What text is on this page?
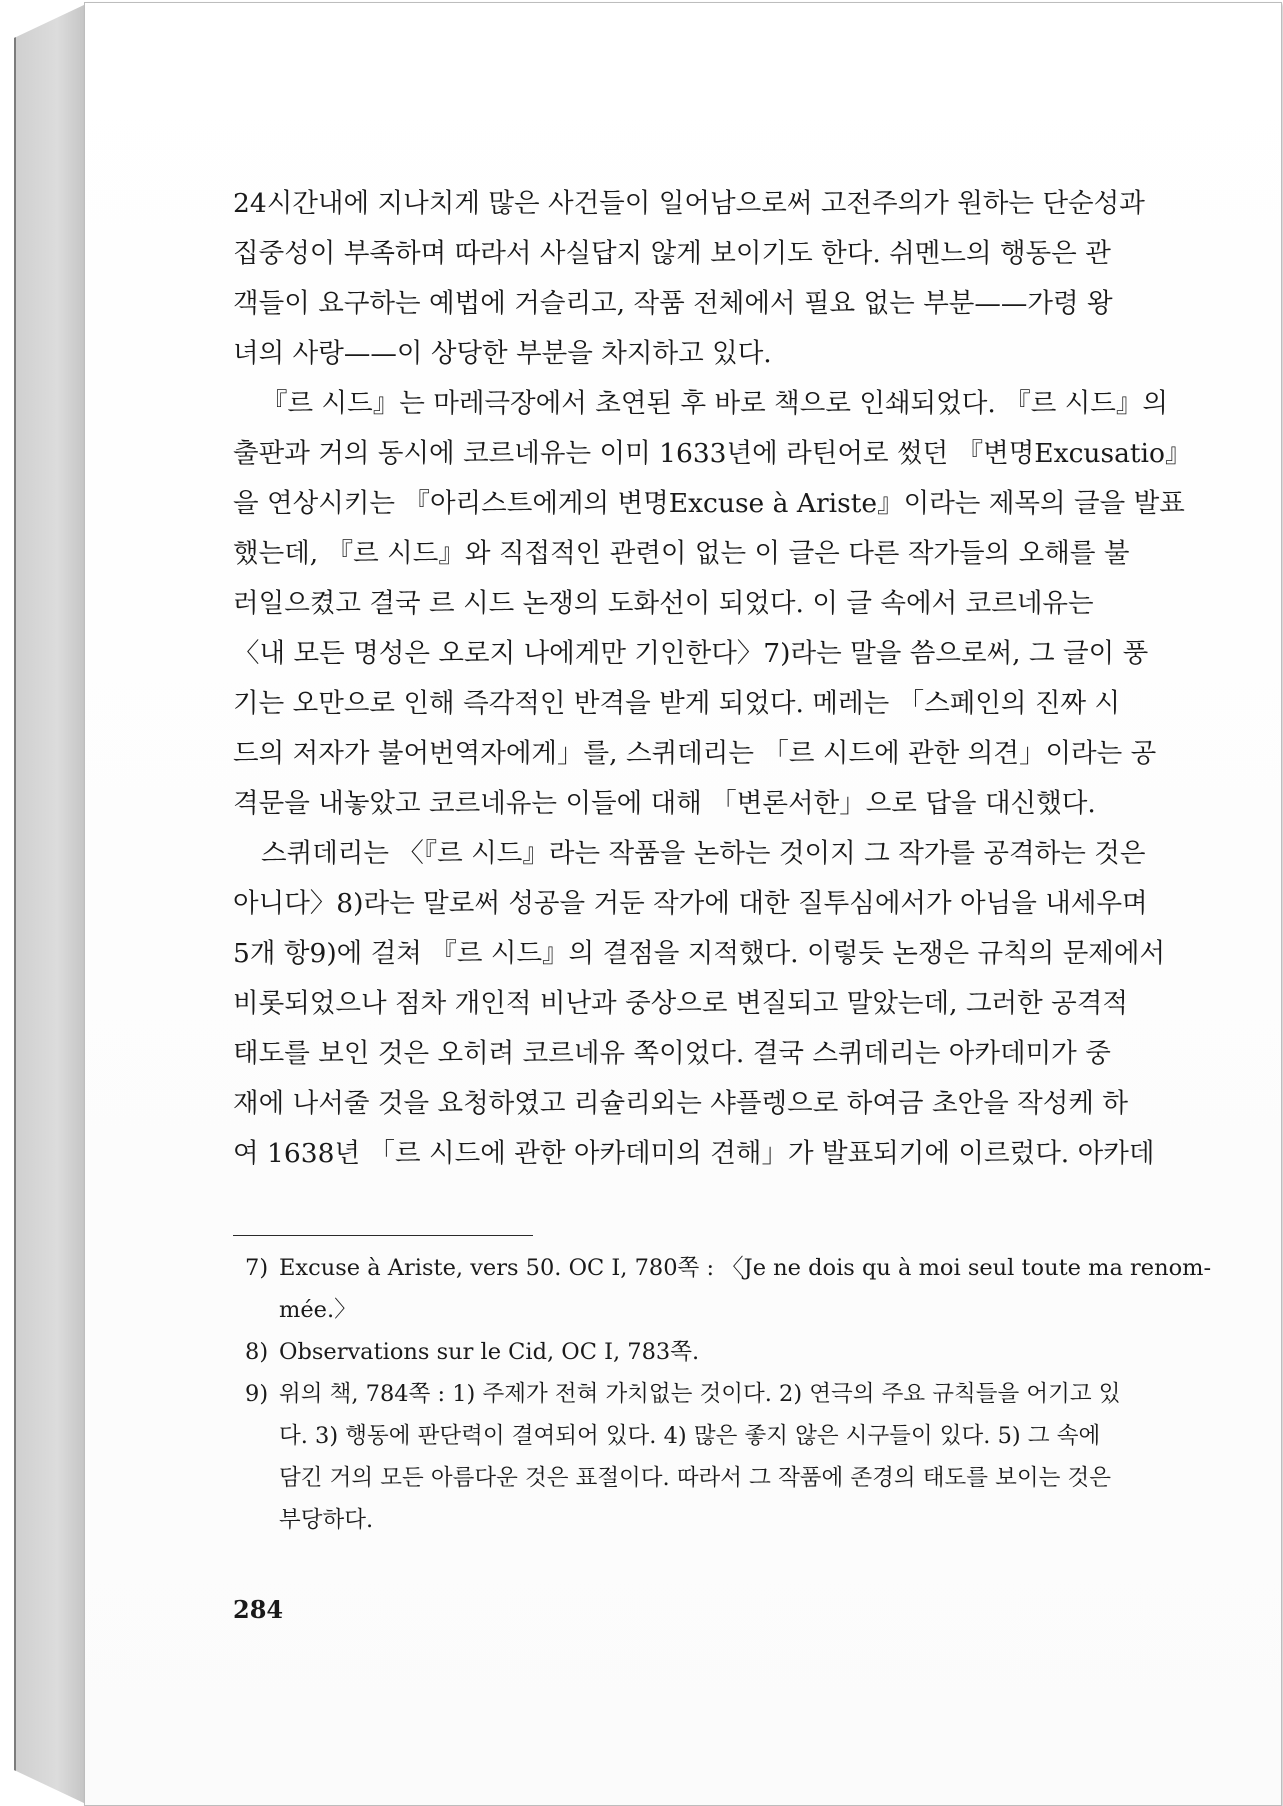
24시간내에 지나치게 많은 사건들이 일어남으로써 고전주의가 원하는 단순성과
집중성이 부족하며 따라서 사실답지 않게 보이기도 한다. 쉬멘느의 행동은 관
객들이 요구하는 예법에 거슬리고, 작품 전체에서 필요 없는 부분——가령 왕
녀의 사랑——이 상당한 부분을 차지하고 있다.

『르 시드』는 마레극장에서 초연된 후 바로 책으로 인쇄되었다. 『르 시드』의
출판과 거의 동시에 코르네유는 이미 1633년에 라틴어로 썼던 『변명Excusatio』
을 연상시키는 『아리스트에게의 변명Excuse à Ariste』이라는 제목의 글을 발표
했는데, 『르 시드』와 직접적인 관련이 없는 이 글은 다른 작가들의 오해를 불
러일으켰고 결국 르 시드 논쟁의 도화선이 되었다. 이 글 속에서 코르네유는
〈내 모든 명성은 오로지 나에게만 기인한다〉7)라는 말을 씀으로써, 그 글이 풍
기는 오만으로 인해 즉각적인 반격을 받게 되었다. 메레는 「스페인의 진짜 시
드의 저자가 불어번역자에게」를, 스퀴데리는 「르 시드에 관한 의견」이라는 공
격문을 내놓았고 코르네유는 이들에 대해 「변론서한」으로 답을 대신했다.

스퀴데리는 〈『르 시드』라는 작품을 논하는 것이지 그 작가를 공격하는 것은
아니다〉8)라는 말로써 성공을 거둔 작가에 대한 질투심에서가 아님을 내세우며
5개 항9)에 걸쳐 『르 시드』의 결점을 지적했다. 이렇듯 논쟁은 규칙의 문제에서
비롯되었으나 점차 개인적 비난과 중상으로 변질되고 말았는데, 그러한 공격적
태도를 보인 것은 오히려 코르네유 쪽이었다. 결국 스퀴데리는 아카데미가 중
재에 나서줄 것을 요청하였고 리슐리외는 샤플렝으로 하여금 초안을 작성케 하
여 1638년 「르 시드에 관한 아카데미의 견해」가 발표되기에 이르렀다. 아카데

7) Excuse à Ariste, vers 50. OC Ⅰ, 780쪽 : 〈Je ne dois qu à moi seul toute ma renom-
mée.〉

8) Observations sur le Cid, OC Ⅰ, 783쪽.

9) 위의 책, 784쪽 : 1) 주제가 전혀 가치없는 것이다. 2) 연극의 주요 규칙들을 어기고 있
다. 3) 행동에 판단력이 결여되어 있다. 4) 많은 좋지 않은 시구들이 있다. 5) 그 속에
담긴 거의 모든 아름다운 것은 표절이다. 따라서 그 작품에 존경의 태도를 보이는 것은
부당하다.

284
